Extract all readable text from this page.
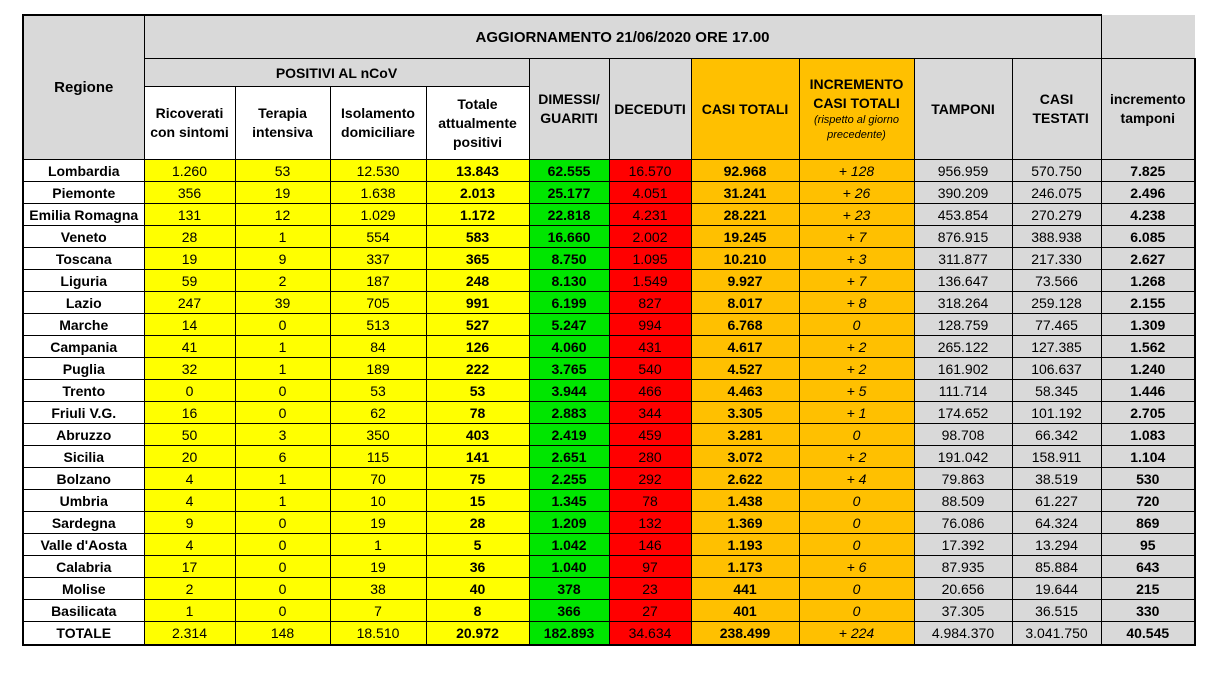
Regione	AGGIORNAMENTO 21/06/2020 ORE 17.00										
	POSITIVI AL nCoV				DIMESSI/ GUARITI	DECEDUTI	CASI TOTALI	INCREMENTO CASI TOTALI
(rispetto al giorno precedente)	TAMPONI	CASI TESTATI	incremento tamponi
	Ricoverati con sintomi	Terapia intensiva	Isolamento domiciliare	Totale attualmente positivi							
Lombardia	1.260	53	12.530	13.843	62.555	16.570	92.968	+ 128	956.959	570.750	7.825
Piemonte	356	19	1.638	2.013	25.177	4.051	31.241	+ 26	390.209	246.075	2.496
Emilia Romagna	131	12	1.029	1.172	22.818	4.231	28.221	+ 23	453.854	270.279	4.238
Veneto	28	1	554	583	16.660	2.002	19.245	+ 7	876.915	388.938	6.085
Toscana	19	9	337	365	8.750	1.095	10.210	+ 3	311.877	217.330	2.627
Liguria	59	2	187	248	8.130	1.549	9.927	+ 7	136.647	73.566	1.268
Lazio	247	39	705	991	6.199	827	8.017	+ 8	318.264	259.128	2.155
Marche	14	0	513	527	5.247	994	6.768	0	128.759	77.465	1.309
Campania	41	1	84	126	4.060	431	4.617	+ 2	265.122	127.385	1.562
Puglia	32	1	189	222	3.765	540	4.527	+ 2	161.902	106.637	1.240
Trento	0	0	53	53	3.944	466	4.463	+ 5	111.714	58.345	1.446
Friuli V.G.	16	0	62	78	2.883	344	3.305	+ 1	174.652	101.192	2.705
Abruzzo	50	3	350	403	2.419	459	3.281	0	98.708	66.342	1.083
Sicilia	20	6	115	141	2.651	280	3.072	+ 2	191.042	158.911	1.104
Bolzano	4	1	70	75	2.255	292	2.622	+ 4	79.863	38.519	530
Umbria	4	1	10	15	1.345	78	1.438	0	88.509	61.227	720
Sardegna	9	0	19	28	1.209	132	1.369	0	76.086	64.324	869
Valle d'Aosta	4	0	1	5	1.042	146	1.193	0	17.392	13.294	95
Calabria	17	0	19	36	1.040	97	1.173	+ 6	87.935	85.884	643
Molise	2	0	38	40	378	23	441	0	20.656	19.644	215
Basilicata	1	0	7	8	366	27	401	0	37.305	36.515	330
TOTALE	2.314	148	18.510	20.972	182.893	34.634	238.499	+ 224	4.984.370	3.041.750	40.545
